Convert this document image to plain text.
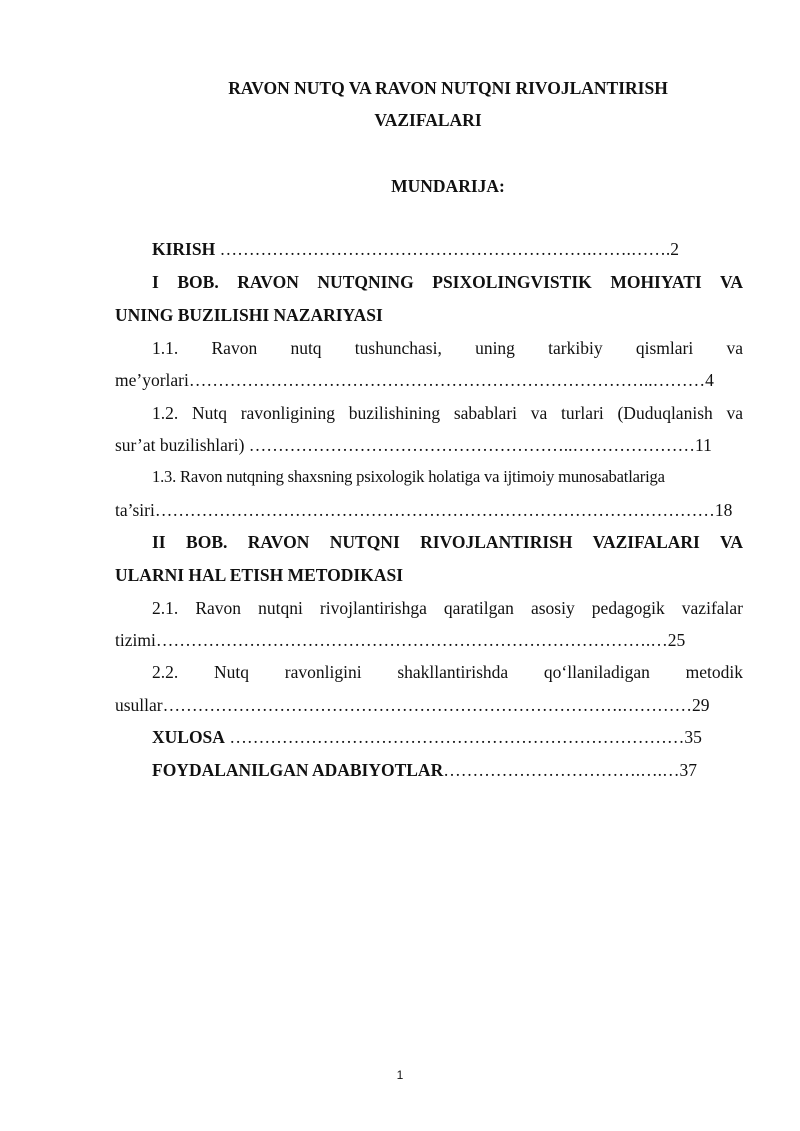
RAVON NUTQ VA RAVON NUTQNI RIVOJLANTIRISH
VAZIFALARI
MUNDARIJA:
KIRISH ……………………………………………………….…….…….2
I BOB. RAVON NUTQNING PSIXOLINGVISTIK MOHIYATI VA
UNING BUZILISHI NAZARIYASI
1.1. Ravon nutq tushunchasi, uning tarkibiy qismlari va
me’yorlari……………………………………………………………………..………4
1.2. Nutq ravonligining buzilishining sabablari va turlari (Duduqlanish va
sur’at buzilishlari) ………………………………………………..…………………11
1.3. Ravon nutqning shaxsning psixologik holatiga va ijtimoiy munosabatlariga
ta’siri……………………………………………………………………………………18
II BOB. RAVON NUTQNI RIVOJLANTIRISH VAZIFALARI VA
ULARNI HAL ETISH METODIKASI
2.1. Ravon nutqni rivojlantirishga qaratilgan asosiy pedagogik vazifalar
tizimi………………………………………………………………………….…25
2.2. Nutq ravonligini shakllantirishda qo‘llaniladigan metodik
usullar…………………………………………………………………….…………29
XULOSA ……………………………………………………………………35
FOYDALANILGAN ADABIYOTLAR…………………………….….…37
1
